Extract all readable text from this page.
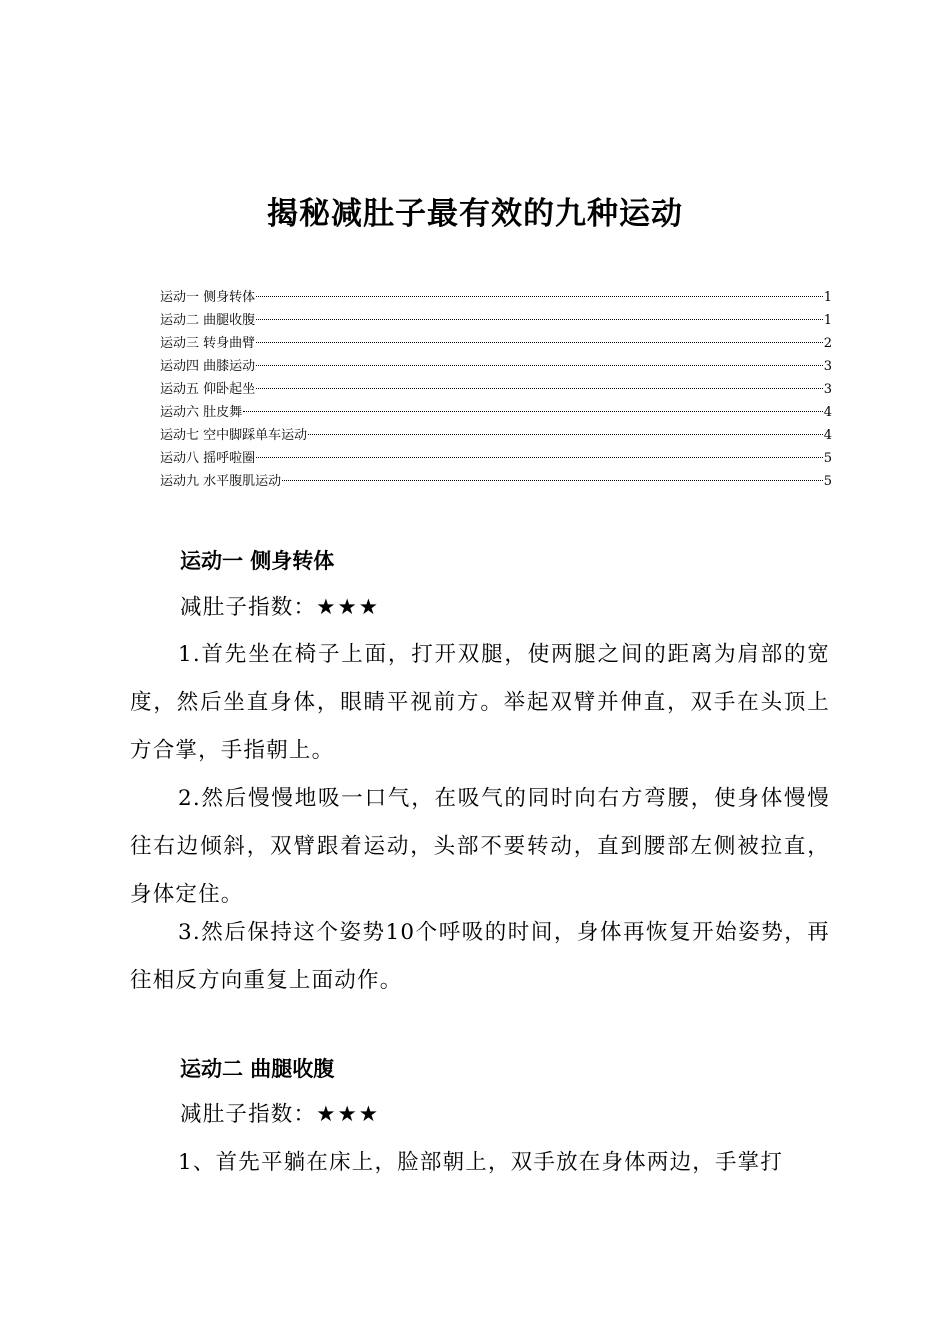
揭秘减肚子最有效的九种运动
运动一 侧身转体	1
运动二 曲腿收腹	1
运动三 转身曲臂	2
运动四 曲膝运动	3
运动五 仰卧起坐	3
运动六 肚皮舞	4
运动七 空中脚踩单车运动	4
运动八 摇呼啦圈	5
运动九 水平腹肌运动	5
运动一 侧身转体
减肚子指数：★★★
1.首先坐在椅子上面，打开双腿，使两腿之间的距离为肩部的宽度，然后坐直身体，眼睛平视前方。举起双臂并伸直，双手在头顶上方合掌，手指朝上。
2.然后慢慢地吸一口气，在吸气的同时向右方弯腰，使身体慢慢往右边倾斜，双臂跟着运动，头部不要转动，直到腰部左侧被拉直，身体定住。
3.然后保持这个姿势10个呼吸的时间，身体再恢复开始姿势，再往相反方向重复上面动作。
运动二 曲腿收腹
减肚子指数：★★★
1、首先平躺在床上，脸部朝上，双手放在身体两边，手掌打
